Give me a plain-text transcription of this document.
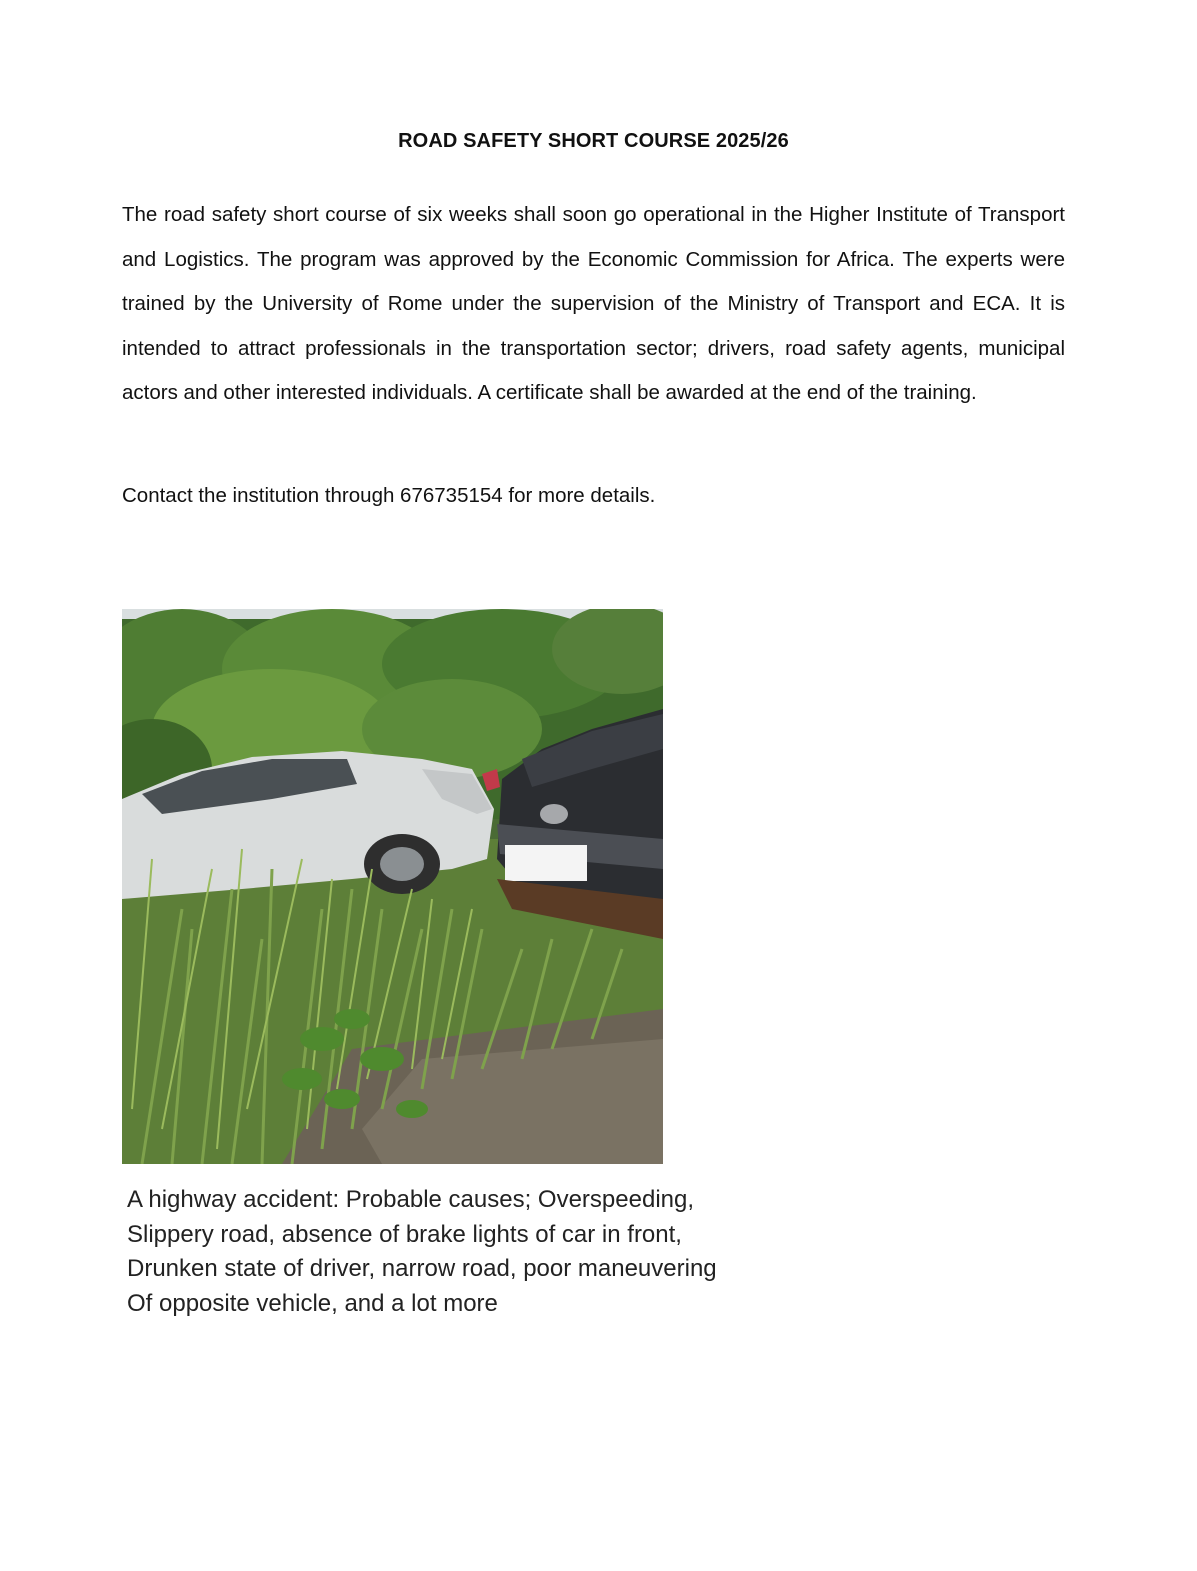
ROAD SAFETY SHORT COURSE 2025/26

The road safety short course of six weeks shall soon go operational in the Higher Institute of Transport and Logistics. The program was approved by the Economic Commission for Africa. The experts were trained by the University of Rome under the supervision of the Ministry of Transport and ECA. It is intended to attract professionals in the transportation sector; drivers, road safety agents, municipal actors and other interested individuals. A certificate shall be awarded at the end of the training.

Contact the institution through 676735154 for more details.

A highway accident: Probable causes; Overspeeding,
Slippery road, absence of brake lights of car in front,
Drunken state of driver, narrow road, poor maneuvering
Of opposite vehicle, and a lot more
